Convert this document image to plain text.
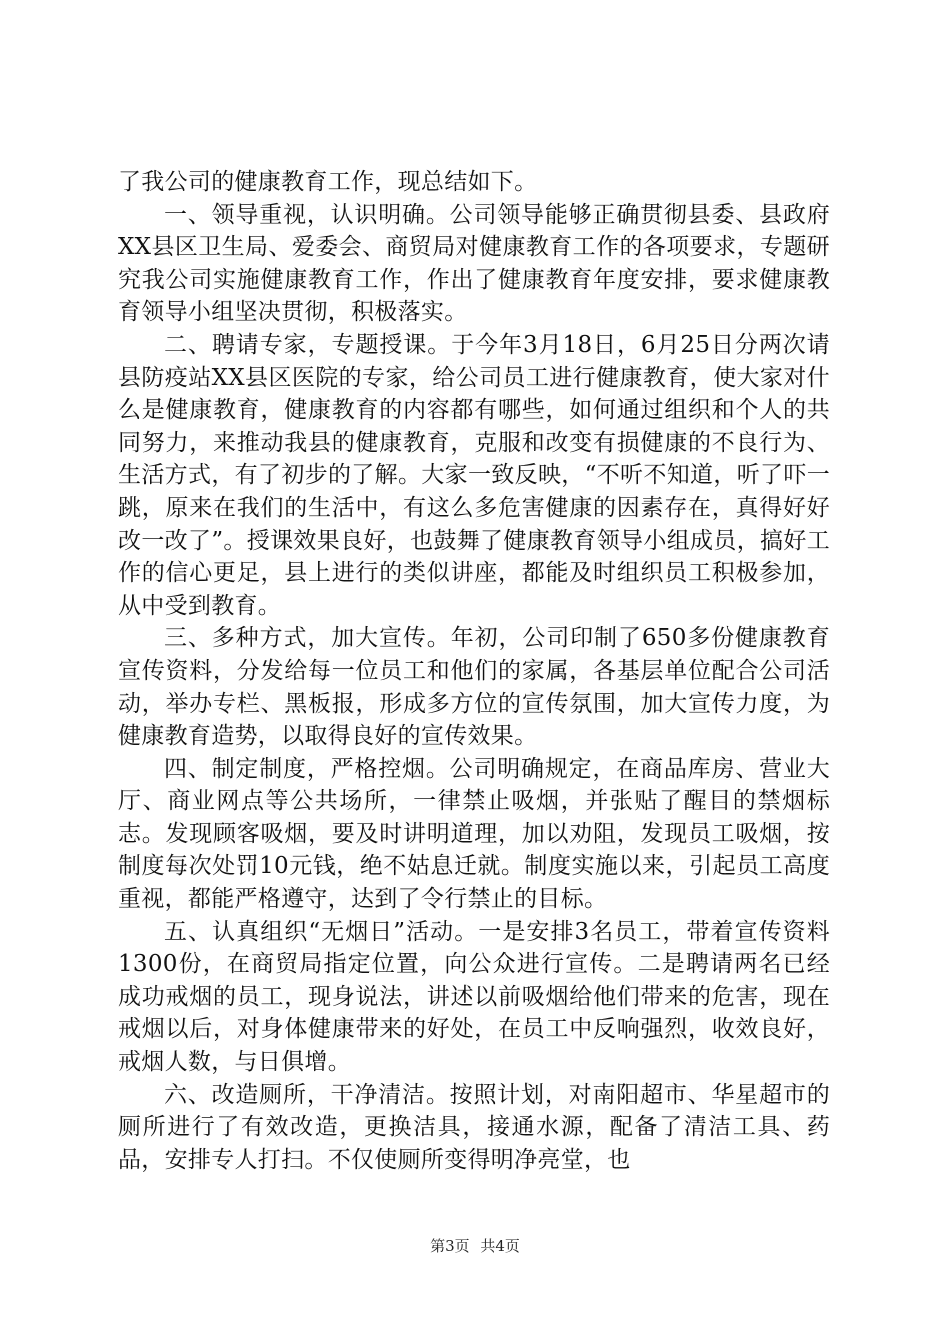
了我公司的健康教育工作，现总结如下。

一、领导重视，认识明确。公司领导能够正确贯彻县委、县政府XX县区卫生局、爱委会、商贸局对健康教育工作的各项要求，专题研究我公司实施健康教育工作，作出了健康教育年度安排，要求健康教育领导小组坚决贯彻，积极落实。

二、聘请专家，专题授课。于今年3月18日，6月25日分两次请县防疫站XX县区医院的专家，给公司员工进行健康教育，使大家对什么是健康教育，健康教育的内容都有哪些，如何通过组织和个人的共同努力，来推动我县的健康教育，克服和改变有损健康的不良行为、生活方式，有了初步的了解。大家一致反映，“不听不知道，听了吓一跳，原来在我们的生活中，有这么多危害健康的因素存在，真得好好改一改了”。授课效果良好，也鼓舞了健康教育领导小组成员，搞好工作的信心更足，县上进行的类似讲座，都能及时组织员工积极参加，从中受到教育。

三、多种方式，加大宣传。年初，公司印制了650多份健康教育宣传资料，分发给每一位员工和他们的家属，各基层单位配合公司活动，举办专栏、黑板报，形成多方位的宣传氛围，加大宣传力度，为健康教育造势，以取得良好的宣传效果。

四、制定制度，严格控烟。公司明确规定，在商品库房、营业大厅、商业网点等公共场所，一律禁止吸烟，并张贴了醒目的禁烟标志。发现顾客吸烟，要及时讲明道理，加以劝阻，发现员工吸烟，按制度每次处罚10元钱，绝不姑息迁就。制度实施以来，引起员工高度重视，都能严格遵守，达到了令行禁止的目标。

五、认真组织“无烟日”活动。一是安排3名员工，带着宣传资料1300份，在商贸局指定位置，向公众进行宣传。二是聘请两名已经成功戒烟的员工，现身说法，讲述以前吸烟给他们带来的危害，现在戒烟以后，对身体健康带来的好处，在员工中反响强烈，收效良好，戒烟人数，与日俱增。

六、改造厕所，干净清洁。按照计划，对南阳超市、华星超市的厕所进行了有效改造，更换洁具，接通水源，配备了清洁工具、药品，安排专人打扫。不仅使厕所变得明净亮堂，也

第3页 共4页
